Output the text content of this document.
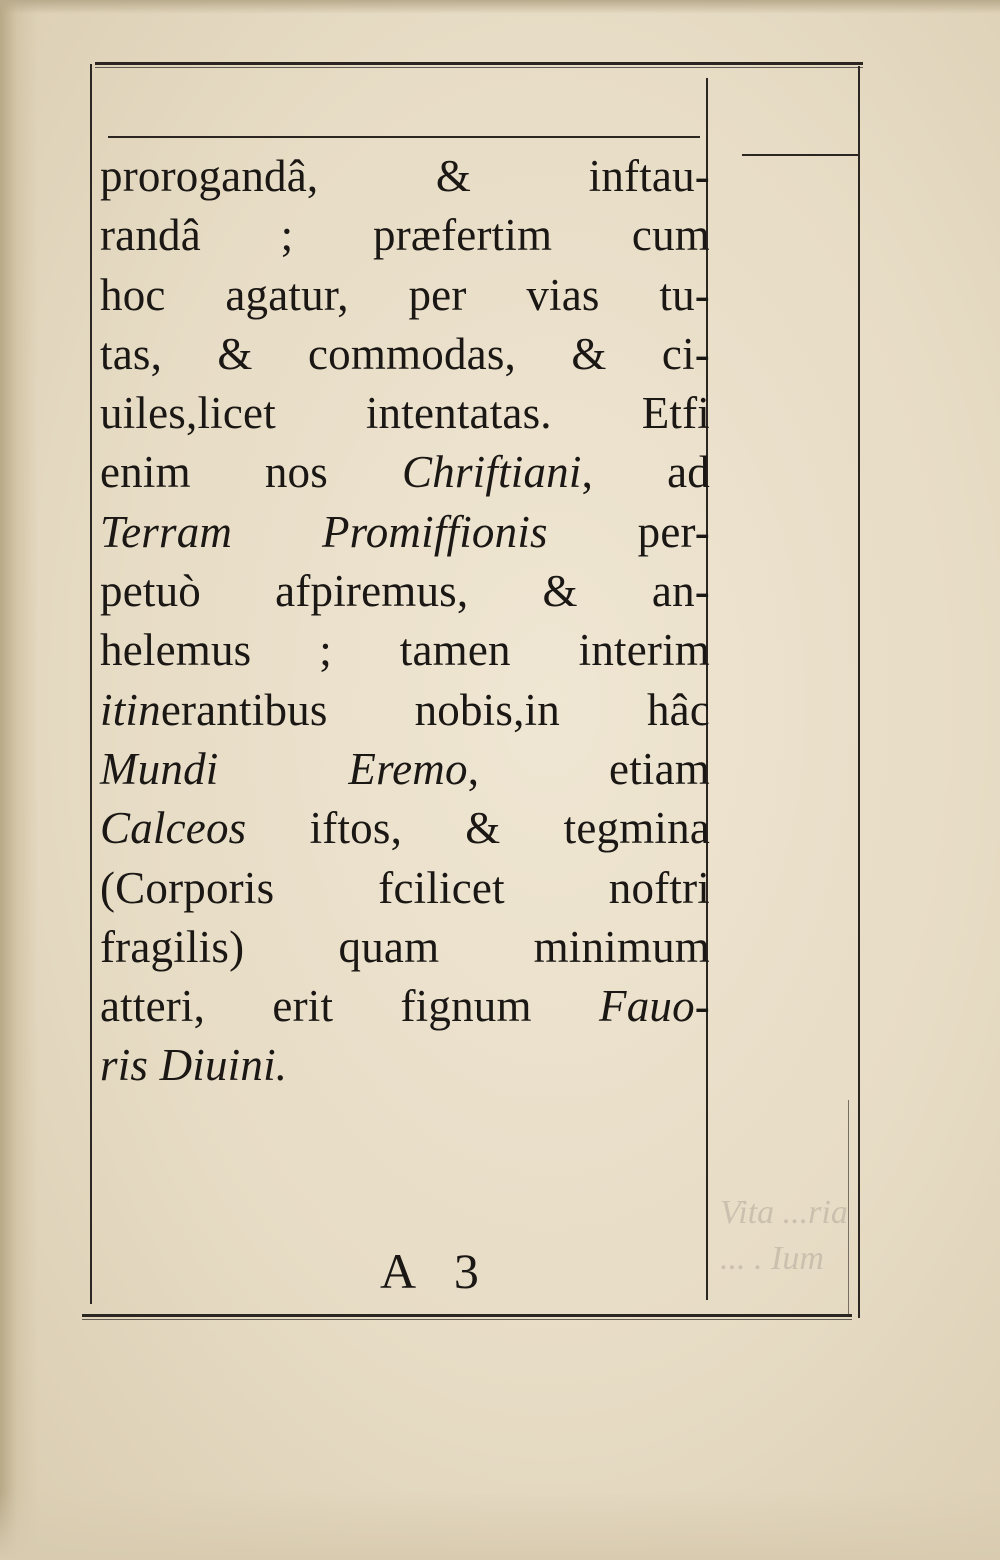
Vita ...ria
... . Ium
prorogandâ, & inftau-
randâ ; præfertim cum
hoc agatur, per vias tu-
tas, & commodas, & ci-
uiles,licet intentatas. Etfi
enim nos Chriftiani, ad
Terram Promiffionis per-
petuò afpiremus, & an-
helemus ; tamen interim
itinerantibus nobis,in hâc
Mundi Eremo, etiam
Calceos iftos, & tegmina
(Corporis fcilicet noftri
fragilis) quam minimum
atteri, erit fignum Fauo-
ris Diuini.
A 3
